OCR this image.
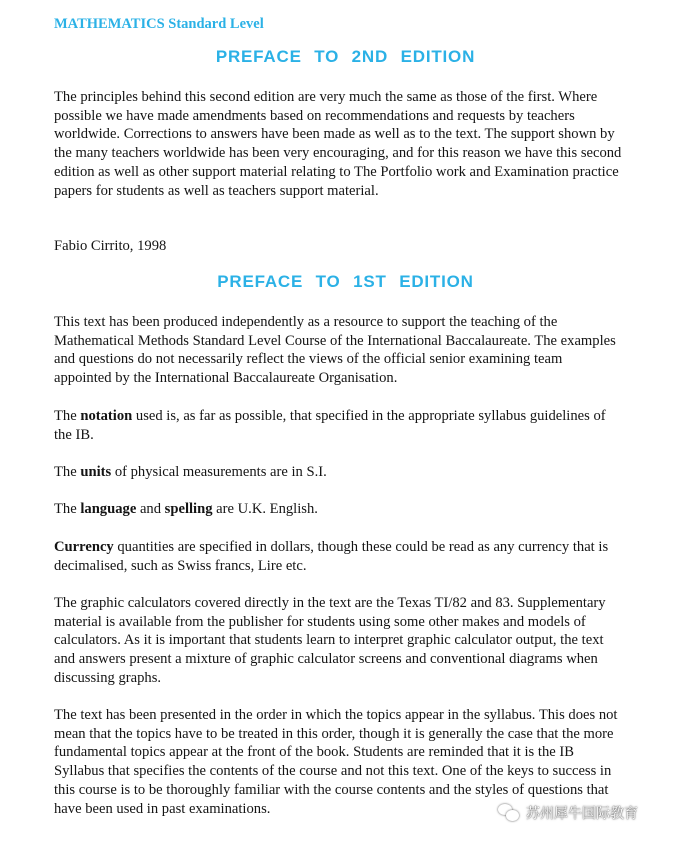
MATHEMATICS Standard Level
PREFACE TO 2ND EDITION
The principles behind this second edition are very much the same as those of the first. Where possible we have made amendments based on recommendations and requests by teachers worldwide. Corrections to answers have been made as well as to the text. The support shown by the many teachers worldwide has been very encouraging, and for this reason we have this second edition as well as other support material relating to The Portfolio work and Examination practice papers for students as well as teachers support material.
Fabio Cirrito, 1998
PREFACE TO 1ST EDITION
This text has been produced independently as a resource to support the teaching of the Mathematical Methods Standard Level Course of the International Baccalaureate. The examples and questions do not necessarily reflect the views of the official senior examining team appointed by the International Baccalaureate Organisation.
The notation used is, as far as possible, that specified in the appropriate syllabus guidelines of the IB.
The units of physical measurements are in S.I.
The language and spelling are U.K. English.
Currency quantities are specified in dollars, though these could be read as any currency that is decimalised, such as Swiss francs, Lire etc.
The graphic calculators covered directly in the text are the Texas TI/82 and 83. Supplementary material is available from the publisher for students using some other makes and models of calculators. As it is important that students learn to interpret graphic calculator output, the text and answers present a mixture of graphic calculator screens and conventional diagrams when discussing graphs.
The text has been presented in the order in which the topics appear in the syllabus. This does not mean that the topics have to be treated in this order, though it is generally the case that the more fundamental topics appear at the front of the book. Students are reminded that it is the IB Syllabus that specifies the contents of the course and not this text. One of the keys to success in this course is to be thoroughly familiar with the course contents and the styles of questions that have been used in past examinations.	苏州犀牛国际教育
